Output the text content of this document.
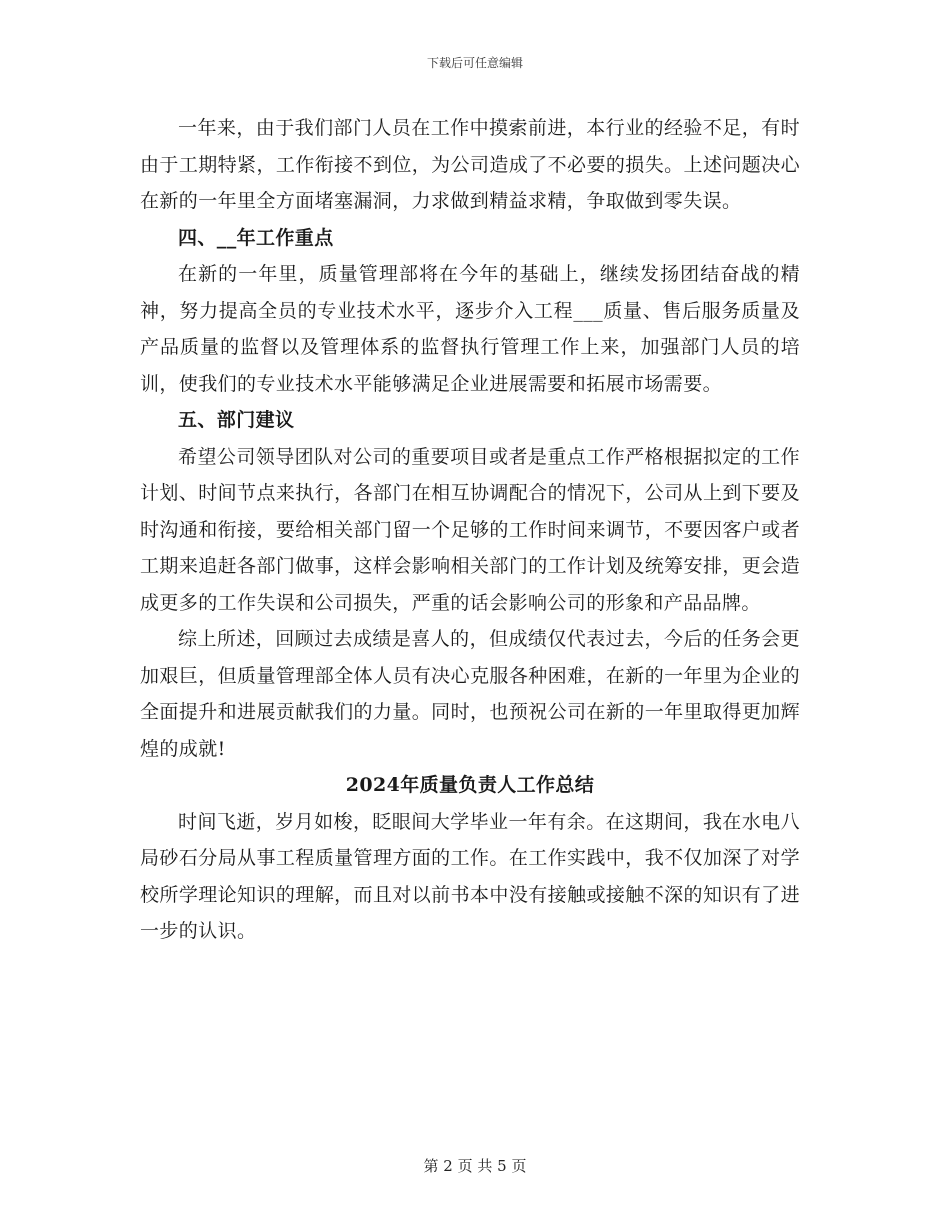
下载后可任意编辑

一年来，由于我们部门人员在工作中摸索前进，本行业的经验不足，有时由于工期特紧，工作衔接不到位，为公司造成了不必要的损失。上述问题决心在新的一年里全方面堵塞漏洞，力求做到精益求精，争取做到零失误。

四、__年工作重点

在新的一年里，质量管理部将在今年的基础上，继续发扬团结奋战的精神，努力提高全员的专业技术水平，逐步介入工程___质量、售后服务质量及产品质量的监督以及管理体系的监督执行管理工作上来，加强部门人员的培训，使我们的专业技术水平能够满足企业进展需要和拓展市场需要。

五、部门建议

希望公司领导团队对公司的重要项目或者是重点工作严格根据拟定的工作计划、时间节点来执行，各部门在相互协调配合的情况下，公司从上到下要及时沟通和衔接，要给相关部门留一个足够的工作时间来调节，不要因客户或者工期来追赶各部门做事，这样会影响相关部门的工作计划及统筹安排，更会造成更多的工作失误和公司损失，严重的话会影响公司的形象和产品品牌。

综上所述，回顾过去成绩是喜人的，但成绩仅代表过去，今后的任务会更加艰巨，但质量管理部全体人员有决心克服各种困难，在新的一年里为企业的全面提升和进展贡献我们的力量。同时，也预祝公司在新的一年里取得更加辉煌的成就!

2024年质量负责人工作总结

时间飞逝，岁月如梭，眨眼间大学毕业一年有余。在这期间，我在水电八局砂石分局从事工程质量管理方面的工作。在工作实践中，我不仅加深了对学校所学理论知识的理解，而且对以前书本中没有接触或接触不深的知识有了进一步的认识。

第 2 页 共 5 页
